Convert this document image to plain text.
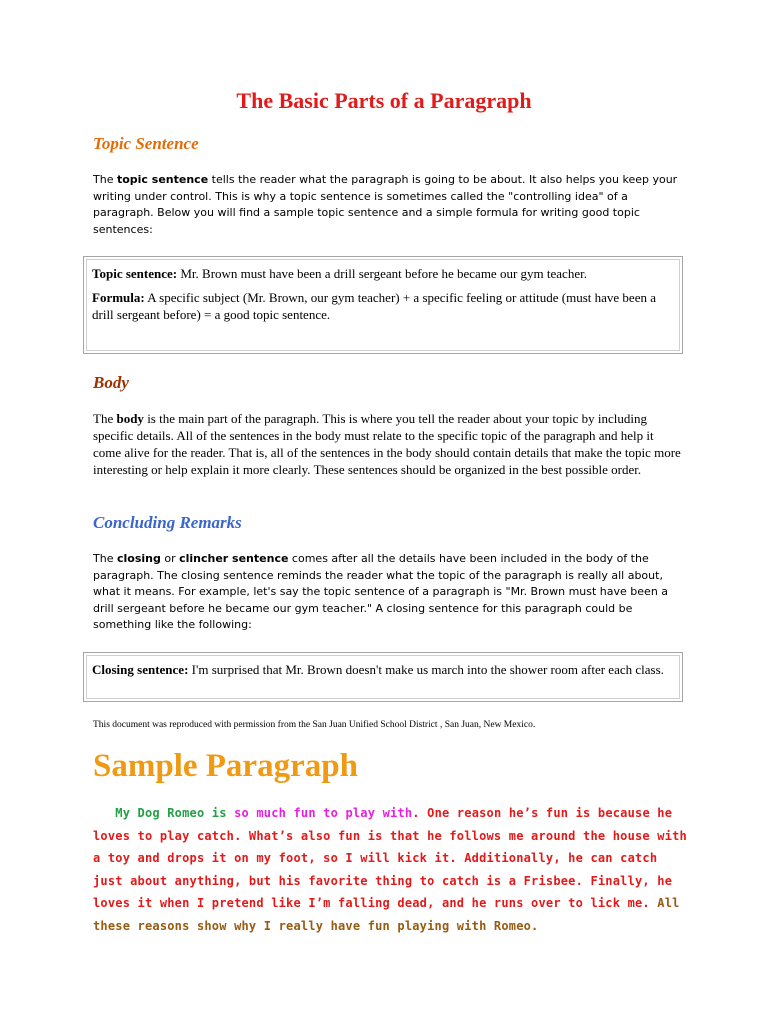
The Basic Parts of a Paragraph
Topic Sentence

The topic sentence tells the reader what the paragraph is going to be about. It also helps you keep your writing under control. This is why a topic sentence is sometimes called the "controlling idea" of a paragraph. Below you will find a sample topic sentence and a simple formula for writing good topic sentences:

Topic sentence: Mr. Brown must have been a drill sergeant before he became our gym teacher.

Formula: A specific subject (Mr. Brown, our gym teacher) + a specific feeling or attitude (must have been a drill sergeant before) = a good topic sentence.

Body

The body is the main part of the paragraph. This is where you tell the reader about your topic by including specific details. All of the sentences in the body must relate to the specific topic of the paragraph and help it come alive for the reader. That is, all of the sentences in the body should contain details that make the topic more interesting or help explain it more clearly. These sentences should be organized in the best possible order.

Concluding Remarks

The closing or clincher sentence comes after all the details have been included in the body of the paragraph. The closing sentence reminds the reader what the topic of the paragraph is really all about, what it means. For example, let's say the topic sentence of a paragraph is "Mr. Brown must have been a drill sergeant before he became our gym teacher." A closing sentence for this paragraph could be something like the following:

Closing sentence: I'm surprised that Mr. Brown doesn't make us march into the shower room after each class.

This document was reproduced with permission from the San Juan Unified School District , San Juan, New Mexico.

Sample Paragraph

   My Dog Romeo is so much fun to play with. One reason he’s fun is because he loves to play catch. What’s also fun is that he follows me around the house with a toy and drops it on my foot, so I will kick it. Additionally, he can catch just about anything, but his favorite thing to catch is a Frisbee. Finally, he loves it when I pretend like I’m falling dead, and he runs over to lick me. All these reasons show why I really have fun playing with Romeo.
